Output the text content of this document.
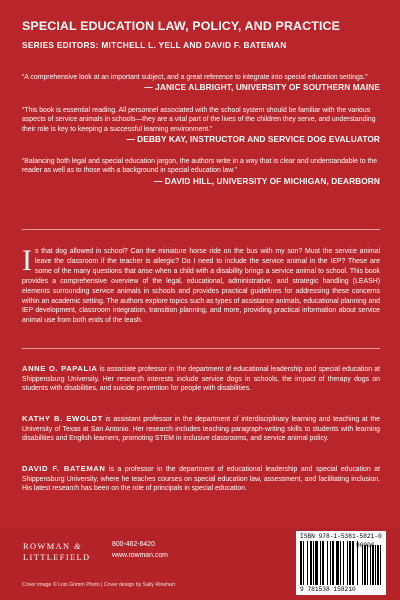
SPECIAL EDUCATION LAW, POLICY, AND PRACTICE
SERIES EDITORS: MITCHELL L. YELL AND DAVID F. BATEMAN
“A comprehensive look at an important subject, and a great reference to integrate into special education settings.”
— JANICE ALBRIGHT, UNIVERSITY OF SOUTHERN MAINE
“This book is essential reading. All personnel associated with the school system should be familiar with the various aspects of service animals in schools—they are a vital part of the lives of the children they serve, and understanding their role is key to keeping a successful learning environment.”
— DEBBY KAY, INSTRUCTOR AND SERVICE DOG EVALUATOR
“Balancing both legal and special education jargon, the authors write in a way that is clear and understandable to the reader as well as to those with a background in special education law.”
— DAVID HILL, UNIVERSITY OF MICHIGAN, DEARBORN
Is that dog allowed in school? Can the miniature horse ride on the bus with my son? Must the service animal leave the classroom if the teacher is allergic? Do I need to include the service animal in the IEP? These are some of the many questions that arise when a child with a disability brings a service animal to school. This book provides a comprehensive overview of the legal, educational, administrative, and strategic handling (LEASH) elements surrounding service animals in schools and provides practical guidelines for addressing these concerns within an academic setting. The authors explore topics such as types of assistance animals, educational planning and IEP development, classroom integration, transition planning, and more, providing practical information about service animal use from both ends of the leash.
ANNE O. PAPALIA is associate professor in the department of educational leadership and special education at Shippensburg University. Her research interests include service dogs in schools, the impact of therapy dogs on students with disabilities, and suicide prevention for people with disabilities.
KATHY B. EWOLDT is assistant professor in the department of interdisciplinary learning and teaching at the University of Texas at San Antonio. Her research includes teaching paragraph-writing skills to students with learning disabilities and English learners, promoting STEM in inclusive classrooms, and service animal policy.
DAVID F. BATEMAN is a professor in the department of educational leadership and special education at Shippensburg University, where he teaches courses on special education law, assessment, and facilitating inclusion. His latest research has been on the role of principals in special education.
ROWMAN &
LITTLEFIELD
800-462-6420
www.rowman.com
Cover image © Lois Grimm Photo | Cover design by Sally Rinehart
ISBN 978-1-5381-5821-0
9 781538 158210
